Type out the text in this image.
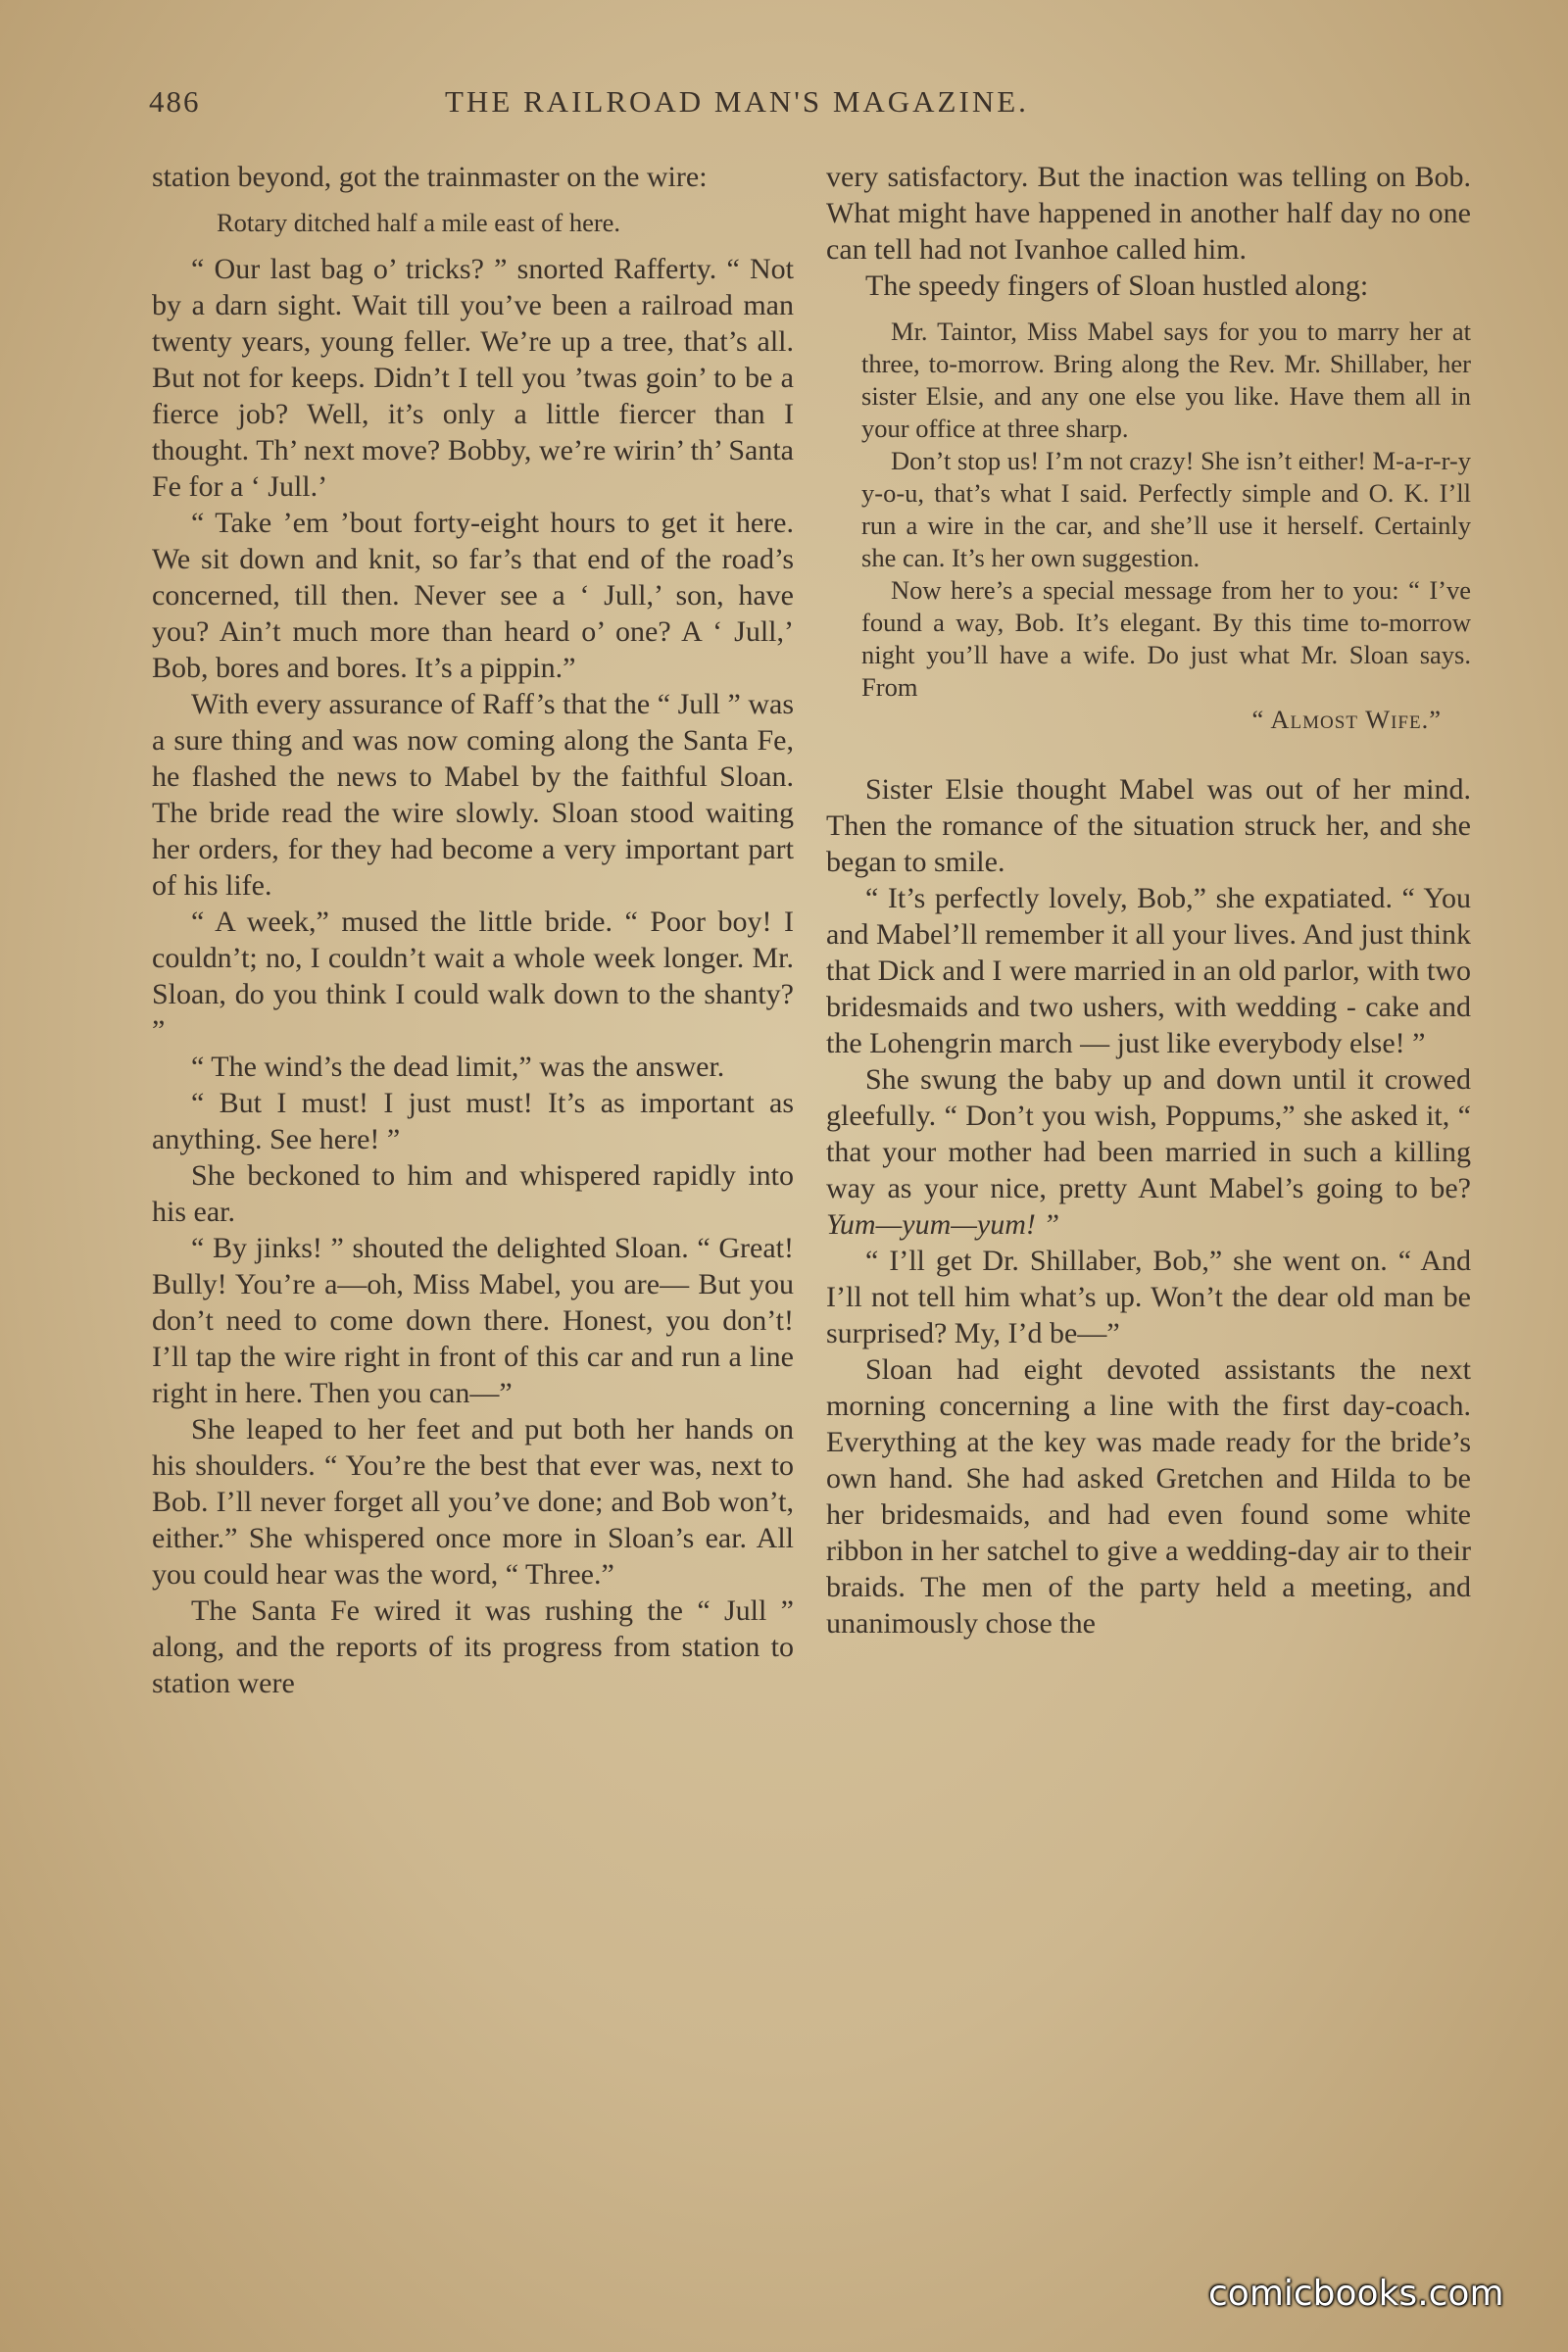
486	THE RAILROAD MAN'S MAGAZINE.

station beyond, got the trainmaster on the wire:

Rotary ditched half a mile east of here.

“ Our last bag o’ tricks? ” snorted Rafferty. “ Not by a darn sight. Wait till you’ve been a railroad man twenty years, young feller. We’re up a tree, that’s all. But not for keeps. Didn’t I tell you ’twas goin’ to be a fierce job? Well, it’s only a little fiercer than I thought. Th’ next move? Bobby, we’re wirin’ th’ Santa Fe for a ‘ Jull.’

“ Take ’em ’bout forty-eight hours to get it here. We sit down and knit, so far’s that end of the road’s concerned, till then. Never see a ‘ Jull,’ son, have you? Ain’t much more than heard o’ one? A ‘ Jull,’ Bob, bores and bores. It’s a pippin.”

With every assurance of Raff’s that the “ Jull ” was a sure thing and was now coming along the Santa Fe, he flashed the news to Mabel by the faithful Sloan. The bride read the wire slowly. Sloan stood waiting her orders, for they had become a very important part of his life.

“ A week,” mused the little bride. “ Poor boy! I couldn’t; no, I couldn’t wait a whole week longer. Mr. Sloan, do you think I could walk down to the shanty? ”

“ The wind’s the dead limit,” was the answer.

“ But I must! I just must! It’s as important as anything. See here! ”

She beckoned to him and whispered rapidly into his ear.

“ By jinks! ” shouted the delighted Sloan. “ Great! Bully! You’re a—oh, Miss Mabel, you are— But you don’t need to come down there. Honest, you don’t! I’ll tap the wire right in front of this car and run a line right in here. Then you can—”

She leaped to her feet and put both her hands on his shoulders. “ You’re the best that ever was, next to Bob. I’ll never forget all you’ve done; and Bob won’t, either.” She whispered once more in Sloan’s ear. All you could hear was the word, “ Three.”

The Santa Fe wired it was rushing the “ Jull ” along, and the reports of its progress from station to station were

very satisfactory. But the inaction was telling on Bob. What might have happened in another half day no one can tell had not Ivanhoe called him.

The speedy fingers of Sloan hustled along:

Mr. Taintor, Miss Mabel says for you to marry her at three, to-morrow. Bring along the Rev. Mr. Shillaber, her sister Elsie, and any one else you like. Have them all in your office at three sharp.
Don’t stop us! I’m not crazy! She isn’t either! M-a-r-r-y y-o-u, that’s what I said. Perfectly simple and O. K. I’ll run a wire in the car, and she’ll use it herself. Certainly she can. It’s her own suggestion.
Now here’s a special message from her to you: “ I’ve found a way, Bob. It’s elegant. By this time to-morrow night you’ll have a wife. Do just what Mr. Sloan says. From

“ Almost Wife.”

Sister Elsie thought Mabel was out of her mind. Then the romance of the situation struck her, and she began to smile.

“ It’s perfectly lovely, Bob,” she expatiated. “ You and Mabel’ll remember it all your lives. And just think that Dick and I were married in an old parlor, with two bridesmaids and two ushers, with wedding - cake and the Lohengrin march — just like everybody else! ”

She swung the baby up and down until it crowed gleefully. “ Don’t you wish, Poppums,” she asked it, “ that your mother had been married in such a killing way as your nice, pretty Aunt Mabel’s going to be? Yum—yum—yum! ”

“ I’ll get Dr. Shillaber, Bob,” she went on. “ And I’ll not tell him what’s up. Won’t the dear old man be surprised? My, I’d be—”

Sloan had eight devoted assistants the next morning concerning a line with the first day-coach. Everything at the key was made ready for the bride’s own hand. She had asked Gretchen and Hilda to be her bridesmaids, and had even found some white ribbon in her satchel to give a wedding-day air to their braids. The men of the party held a meeting, and unanimously chose the

comicbooks.com
